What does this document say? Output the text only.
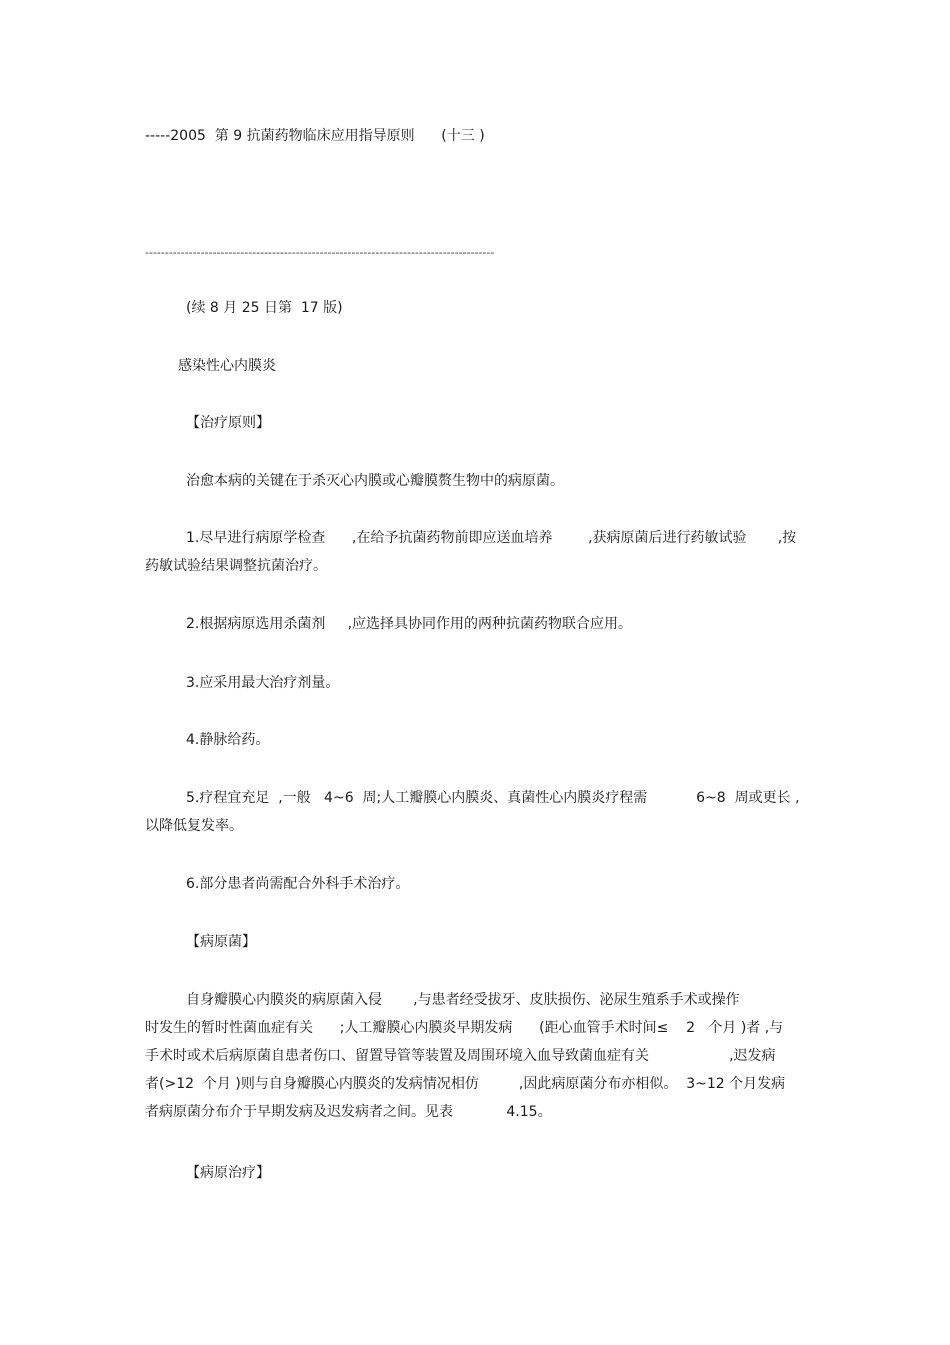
-----2005  第 9 抗菌药物临床应用指导原则      (十三 )
----------------------------------------------------------------------------------------
(续 8 月 25 日第  17 版)
感染性心内膜炎
【治疗原则】
治愈本病的关键在于杀灭心内膜或心瓣膜赘生物中的病原菌。
1.尽早进行病原学检查      ,在给予抗菌药物前即应送血培养        ,获病原菌后进行药敏试验       ,按
药敏试验结果调整抗菌治疗。
2.根据病原选用杀菌剂     ,应选择具协同作用的两种抗菌药物联合应用。
3.应采用最大治疗剂量。
4.静脉给药。
5.疗程宜充足  ,一般   4~6  周;人工瓣膜心内膜炎、真菌性心内膜炎疗程需           6~8  周或更长 ,
以降低复发率。
6.部分患者尚需配合外科手术治疗。
【病原菌】
自身瓣膜心内膜炎的病原菌入侵       ,与患者经受拔牙、皮肤损伤、泌尿生殖系手术或操作
时发生的暂时性菌血症有关      ;人工瓣膜心内膜炎早期发病      (距心血管手术时间≤    2   个月 )者 ,与
手术时或术后病原菌自患者伤口、留置导管等装置及周围环境入血导致菌血症有关                  ,迟发病
者(>12  个月 )则与自身瓣膜心内膜炎的发病情况相仿         ,因此病原菌分布亦相似。  3~12 个月发病
者病原菌分布介于早期发病及迟发病者之间。见表            4.15。
【病原治疗】
